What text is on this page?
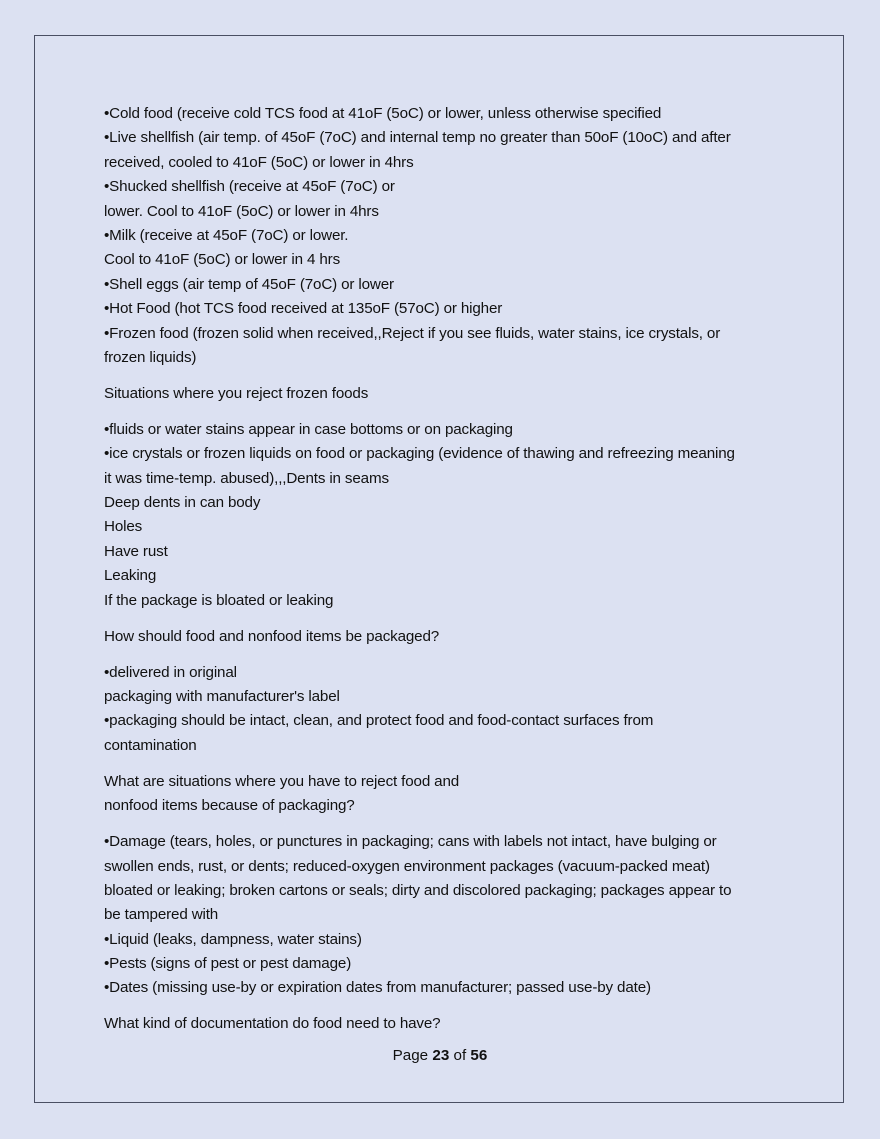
•Cold food (receive cold TCS food at 41oF (5oC) or lower, unless otherwise specified
•Live shellfish (air temp. of 45oF (7oC) and internal temp no greater than 50oF (10oC) and after
received, cooled to 41oF (5oC) or lower in 4hrs
•Shucked shellfish (receive at 45oF (7oC) or
lower. Cool to 41oF (5oC) or lower in 4hrs
•Milk (receive at 45oF (7oC) or lower.
Cool to 41oF (5oC) or lower in 4 hrs
•Shell eggs (air temp of 45oF (7oC) or lower
•Hot Food (hot TCS food received at 135oF (57oC) or higher
•Frozen food (frozen solid when received,,Reject if you see fluids, water stains, ice crystals, or
frozen liquids)
Situations where you reject frozen foods
•fluids or water stains appear in case bottoms or on packaging
•ice crystals or frozen liquids on food or packaging (evidence of thawing and refreezing meaning
it was time-temp. abused),,,Dents in seams
Deep dents in can body
Holes
Have rust
Leaking
If the package is bloated or leaking
How should food and nonfood items be packaged?
•delivered in original
packaging with manufacturer's label
•packaging should be intact, clean, and protect food and food-contact surfaces from
contamination
What are situations where you have to reject food and
nonfood items because of packaging?
•Damage (tears, holes, or punctures in packaging; cans with labels not intact, have bulging or
swollen ends, rust, or dents; reduced-oxygen environment packages (vacuum-packed meat)
bloated or leaking; broken cartons or seals; dirty and discolored packaging; packages appear to
be tampered with
•Liquid (leaks, dampness, water stains)
•Pests (signs of pest or pest damage)
•Dates (missing use-by or expiration dates from manufacturer; passed use-by date)
What kind of documentation do food need to have?
Page 23 of 56
